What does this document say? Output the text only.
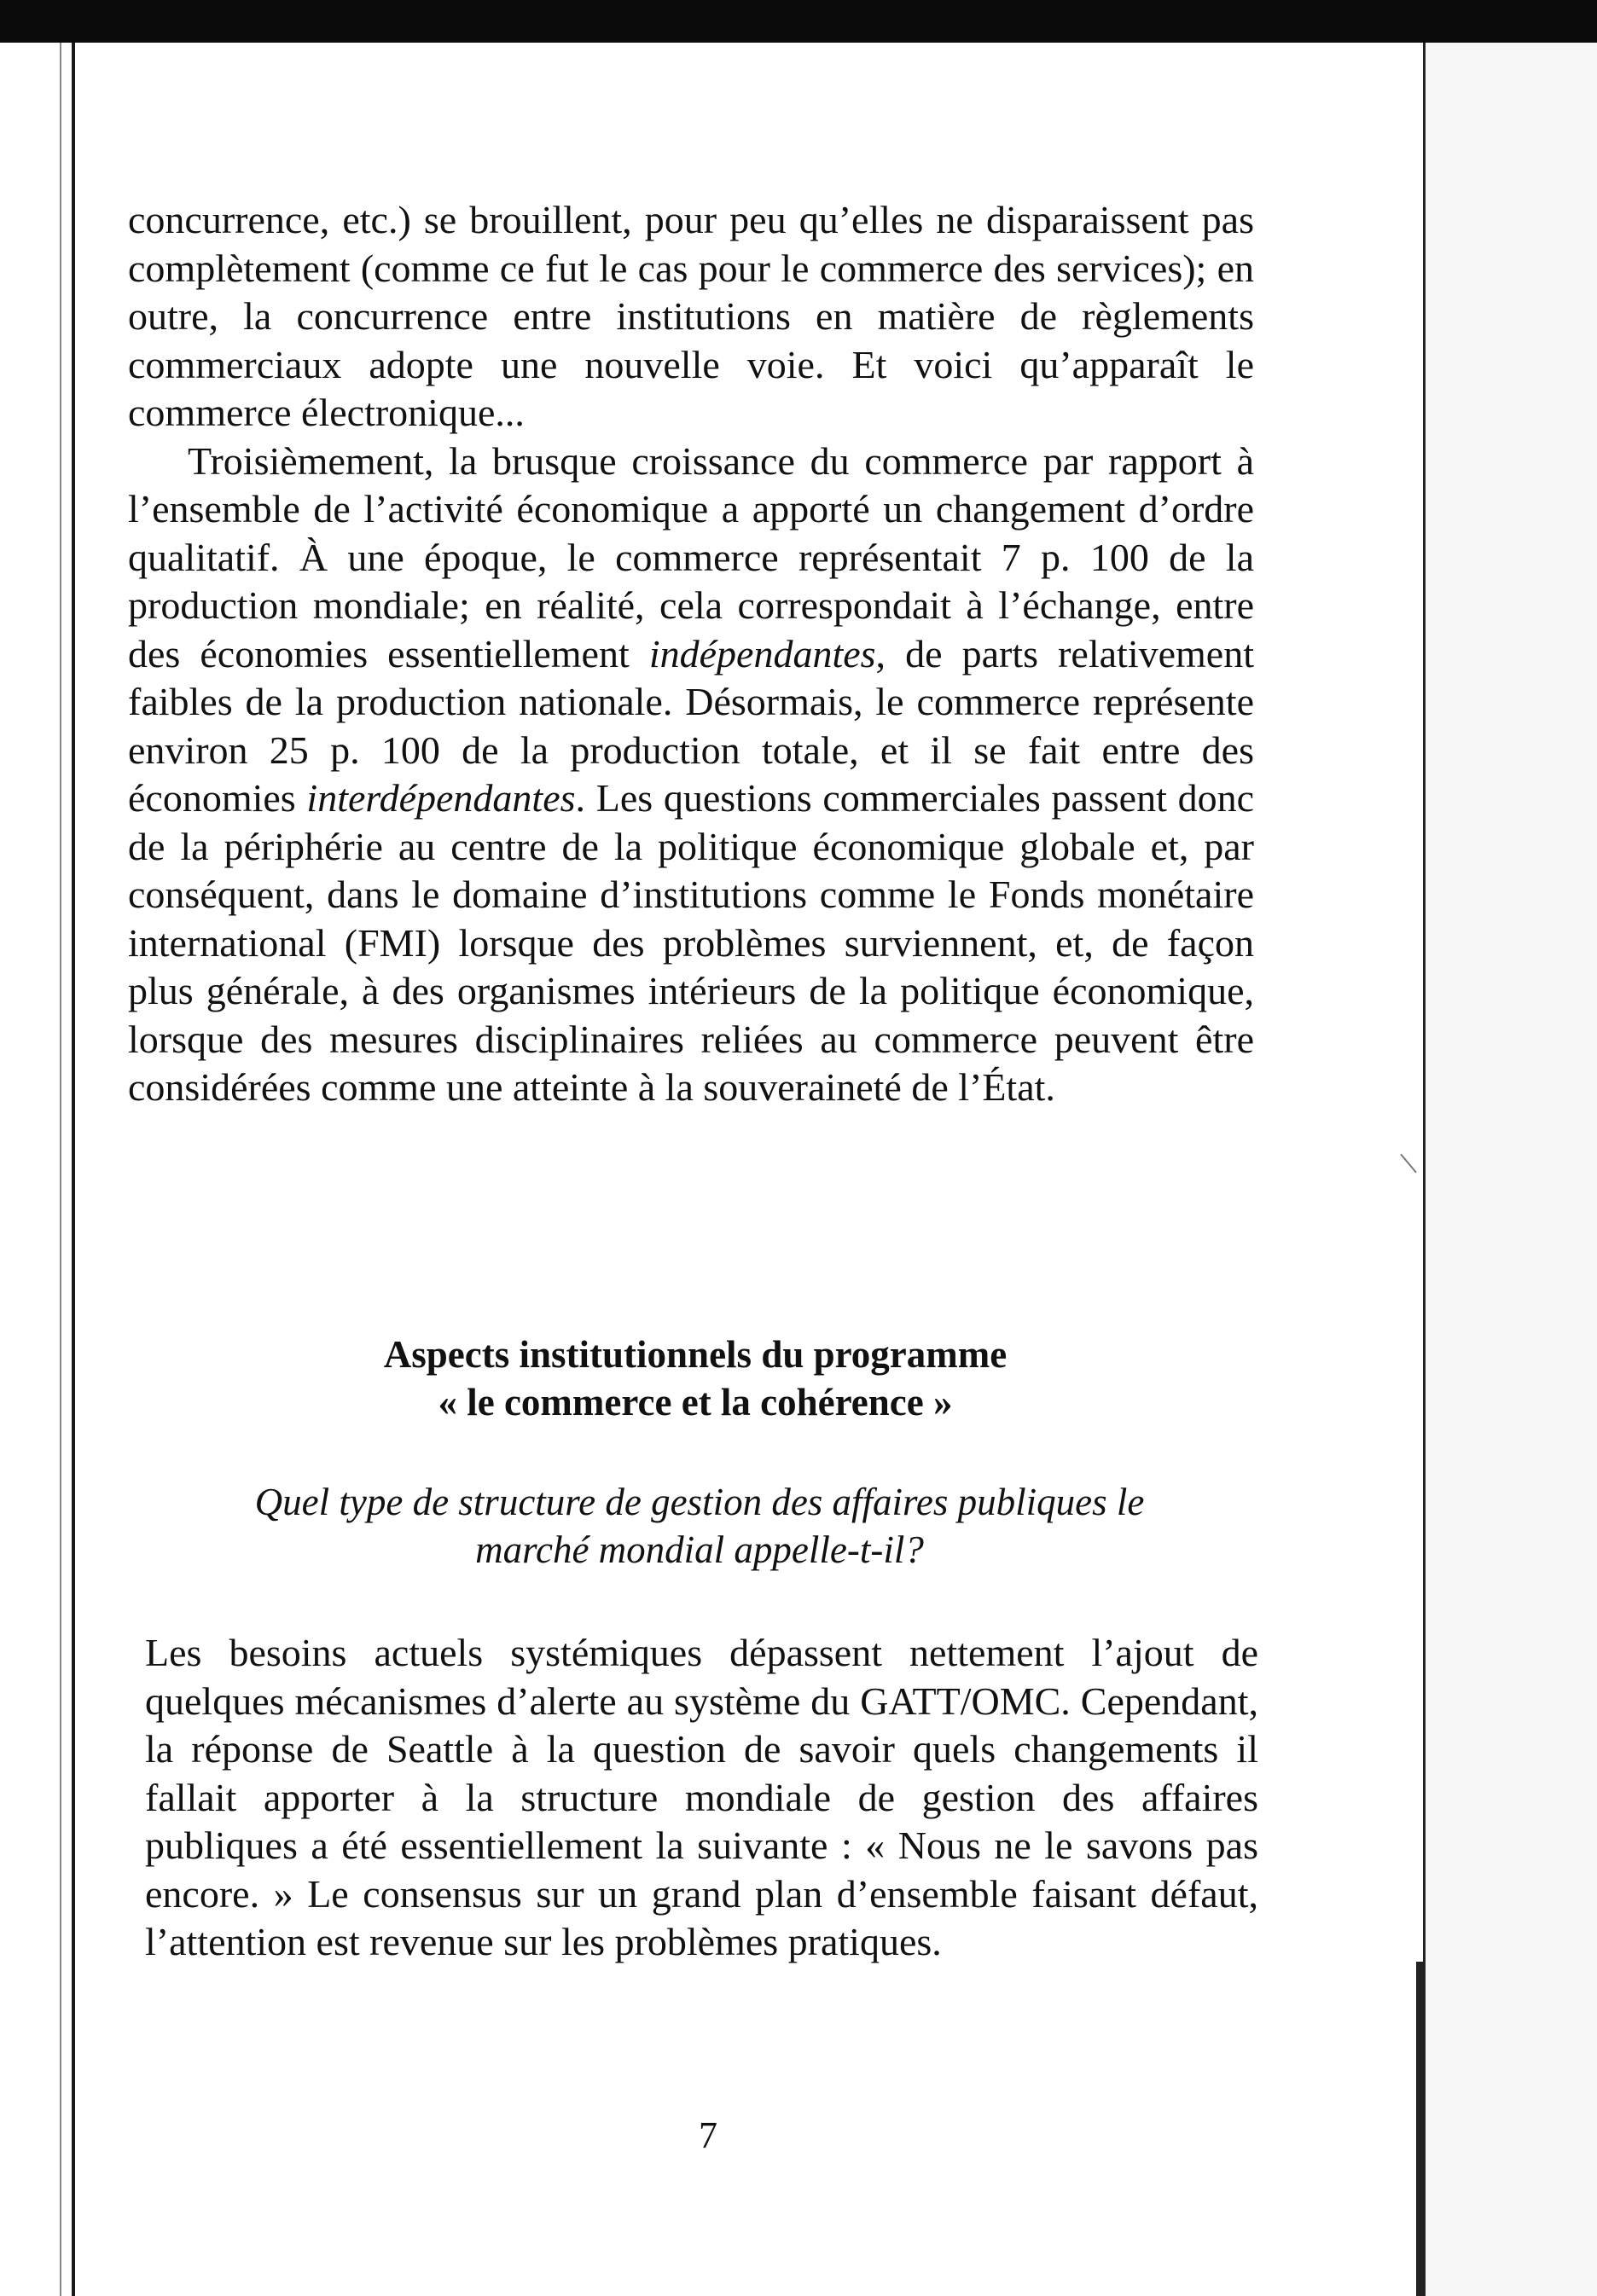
concurrence, etc.) se brouillent, pour peu qu’elles ne disparaissent pas complètement (comme ce fut le cas pour le commerce des services); en outre, la concurrence entre institutions en matière de règlements commerciaux adopte une nouvelle voie. Et voici qu’apparaît le commerce électronique...

Troisièmement, la brusque croissance du commerce par rapport à l’ensemble de l’activité économique a apporté un changement d’ordre qualitatif. À une époque, le commerce représentait 7 p. 100 de la production mondiale; en réalité, cela correspondait à l’échange, entre des économies essentiellement indépendantes, de parts relativement faibles de la production nationale. Désormais, le commerce représente environ 25 p. 100 de la production totale, et il se fait entre des économies interdépendantes. Les questions commerciales passent donc de la périphérie au centre de la politique économique globale et, par conséquent, dans le domaine d’institutions comme le Fonds monétaire international (FMI) lorsque des problèmes surviennent, et, de façon plus générale, à des organismes intérieurs de la politique économique, lorsque des mesures disciplinaires reliées au commerce peuvent être considérées comme une atteinte à la souveraineté de l’État.

Aspects institutionnels du programme
« le commerce et la cohérence »
Quel type de structure de gestion des affaires publiques le
marché mondial appelle-t-il?

Les besoins actuels systémiques dépassent nettement l’ajout de quelques mécanismes d’alerte au système du GATT/OMC. Cependant, la réponse de Seattle à la question de savoir quels changements il fallait apporter à la structure mondiale de gestion des affaires publiques a été essentiellement la suivante : « Nous ne le savons pas encore. » Le consensus sur un grand plan d’ensemble faisant défaut, l’attention est revenue sur les problèmes pratiques.

7
